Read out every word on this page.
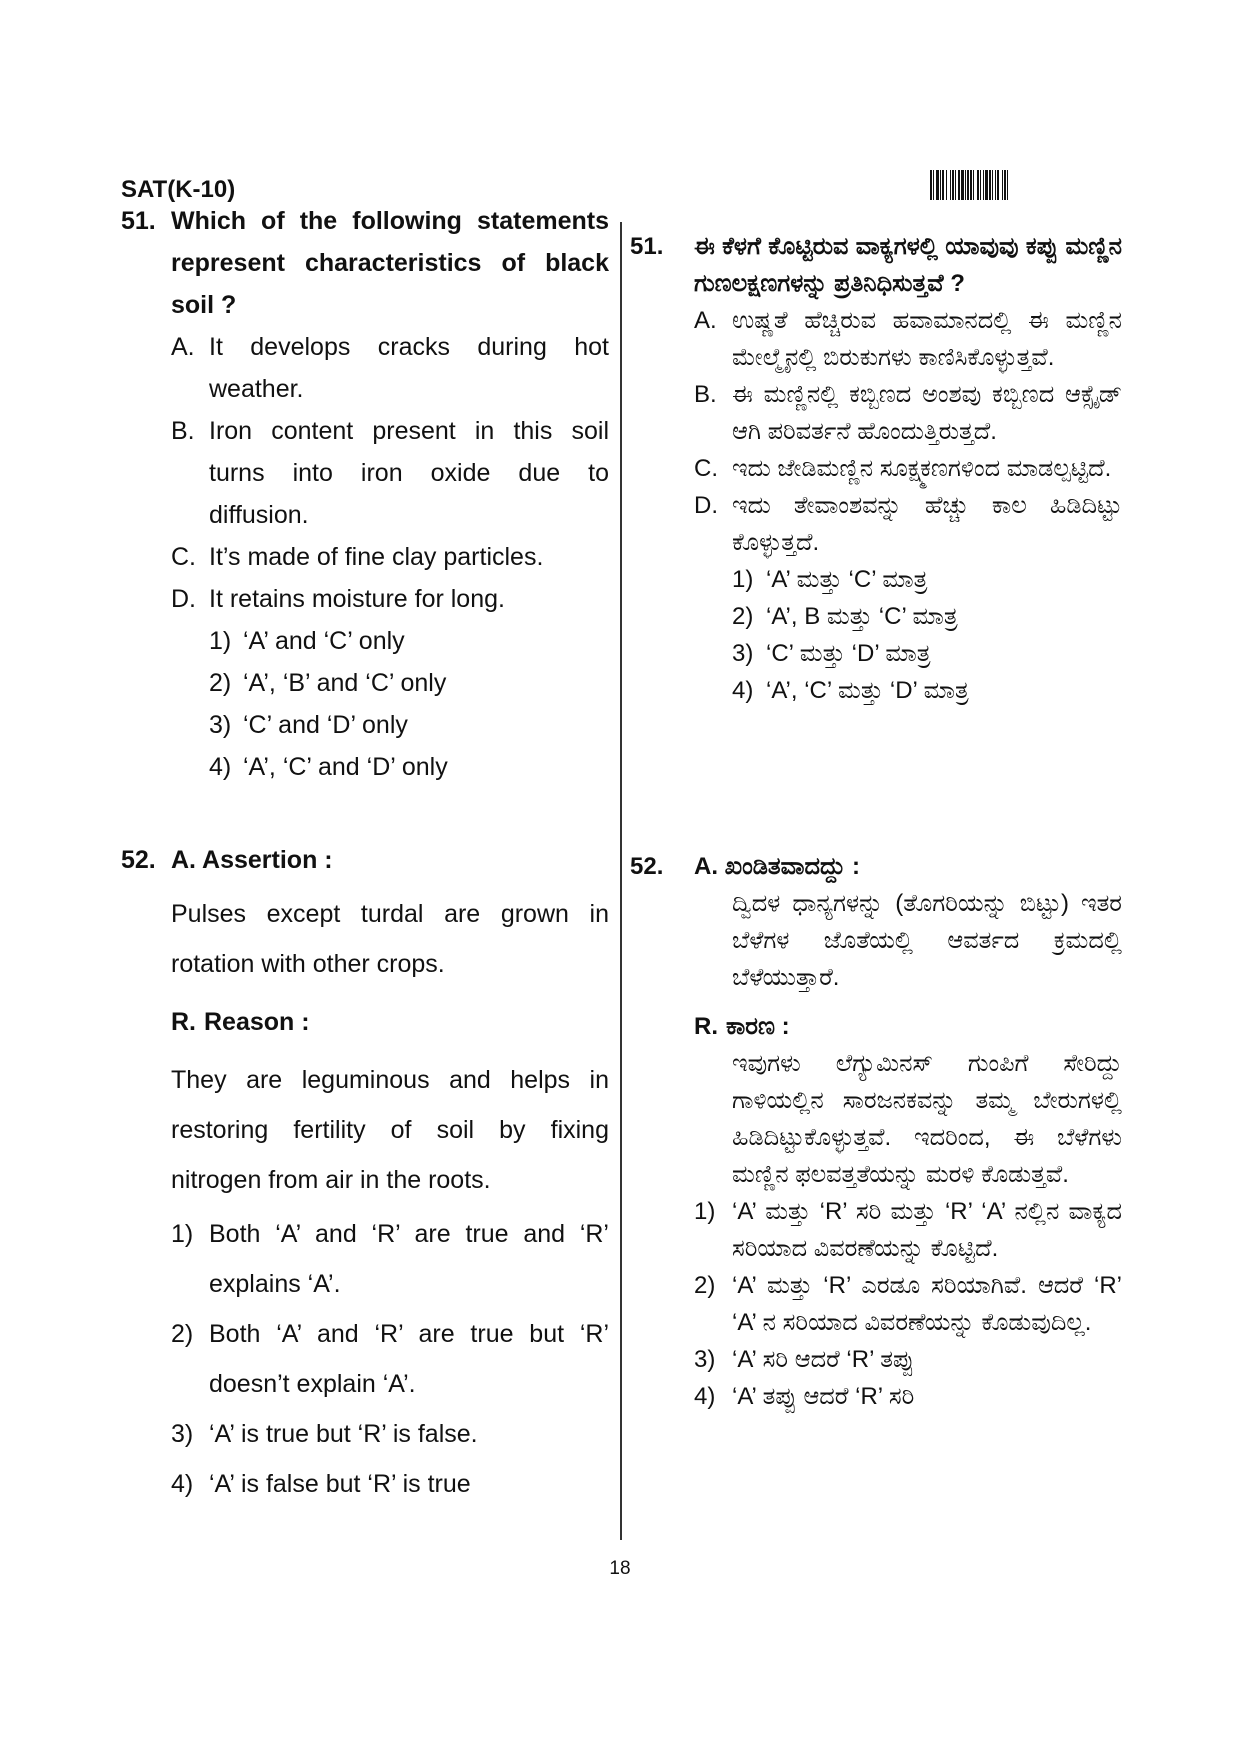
SAT(K-10)
51. Which of the following statements represent characteristics of black soil ?
A. It develops cracks during hot weather.
B. Iron content present in this soil turns into iron oxide due to diffusion.
C. It’s made of fine clay particles.
D. It retains moisture for long.
1) ‘A’ and ‘C’ only
2) ‘A’, ‘B’ and ‘C’ only
3) ‘C’ and ‘D’ only
4) ‘A’, ‘C’ and ‘D’ only
52. A. Assertion :
Pulses except turdal are grown in rotation with other crops.
R. Reason :
They are leguminous and helps in restoring fertility of soil by fixing nitrogen from air in the roots.
1) Both ‘A’ and ‘R’ are true and ‘R’ explains ‘A’.
2) Both ‘A’ and ‘R’ are true but ‘R’ doesn’t explain ‘A’.
3) ‘A’ is true but ‘R’ is false.
4) ‘A’ is false but ‘R’ is true
51.	ಈ ಕೆಳಗೆ ಕೊಟ್ಟಿರುವ ವಾಕ್ಯಗಳಲ್ಲಿ ಯಾವುವು ಕಪ್ಪು ಮಣ್ಣಿನ ಗುಣಲಕ್ಷಣಗಳನ್ನು ಪ್ರತಿನಿಧಿಸುತ್ತವೆ ?
A. ಉಷ್ಣತೆ ಹೆಚ್ಚಿರುವ ಹವಾಮಾನದಲ್ಲಿ ಈ ಮಣ್ಣಿನ ಮೇಲ್ಮೈನಲ್ಲಿ ಬಿರುಕುಗಳು ಕಾಣಿಸಿಕೊಳ್ಳುತ್ತವೆ.
B. ಈ ಮಣ್ಣಿನಲ್ಲಿ ಕಬ್ಬಿಣದ ಅಂಶವು ಕಬ್ಬಿಣದ ಆಕ್ಸೈಡ್ ಆಗಿ ಪರಿವರ್ತನೆ ಹೊಂದುತ್ತಿರುತ್ತದೆ.
C. ಇದು ಜೇಡಿಮಣ್ಣಿನ ಸೂಕ್ಷ್ಮಕಣಗಳಿಂದ ಮಾಡಲ್ಪಟ್ಟಿದೆ.
D. ಇದು ತೇವಾಂಶವನ್ನು ಹೆಚ್ಚು ಕಾಲ ಹಿಡಿದಿಟ್ಟು ಕೊಳ್ಳುತ್ತದೆ.
1) ‘A’ ಮತ್ತು ‘C’ ಮಾತ್ರ
2) ‘A’, B ಮತ್ತು ‘C’ ಮಾತ್ರ
3) ‘C’ ಮತ್ತು ‘D’ ಮಾತ್ರ
4) ‘A’, ‘C’ ಮತ್ತು ‘D’ ಮಾತ್ರ
52.	A. ಖಂಡಿತವಾದದ್ದು :
ದ್ವಿದಳ ಧಾನ್ಯಗಳನ್ನು (ತೊಗರಿಯನ್ನು ಬಿಟ್ಟು) ಇತರ ಬೆಳೆಗಳ ಜೊತೆಯಲ್ಲಿ ಆವರ್ತದ ಕ್ರಮದಲ್ಲಿ ಬೆಳೆಯುತ್ತಾರೆ.
R. ಕಾರಣ :
ಇವುಗಳು ಲೆಗ್ಯುಮಿನಸ್ ಗುಂಪಿಗೆ ಸೇರಿದ್ದು ಗಾಳಿಯಲ್ಲಿನ ಸಾರಜನಕವನ್ನು ತಮ್ಮ ಬೇರುಗಳಲ್ಲಿ ಹಿಡಿದಿಟ್ಟುಕೊಳ್ಳುತ್ತವೆ. ಇದರಿಂದ, ಈ ಬೆಳೆಗಳು ಮಣ್ಣಿನ ಫಲವತ್ತತೆಯನ್ನು ಮರಳಿ ಕೊಡುತ್ತವೆ.
1) ‘A’ ಮತ್ತು ‘R’ ಸರಿ ಮತ್ತು ‘R’ ‘A’ ನಲ್ಲಿನ ವಾಕ್ಯದ ಸರಿಯಾದ ವಿವರಣೆಯನ್ನು ಕೊಟ್ಟಿದೆ.
2) ‘A’ ಮತ್ತು ‘R’ ಎರಡೂ ಸರಿಯಾಗಿವೆ. ಆದರೆ ‘R’ ‘A’ ನ ಸರಿಯಾದ ವಿವರಣೆಯನ್ನು ಕೊಡುವುದಿಲ್ಲ.
3) ‘A’ ಸರಿ ಆದರೆ ‘R’ ತಪ್ಪು
4) ‘A’ ತಪ್ಪು ಆದರೆ ‘R’ ಸರಿ
18
